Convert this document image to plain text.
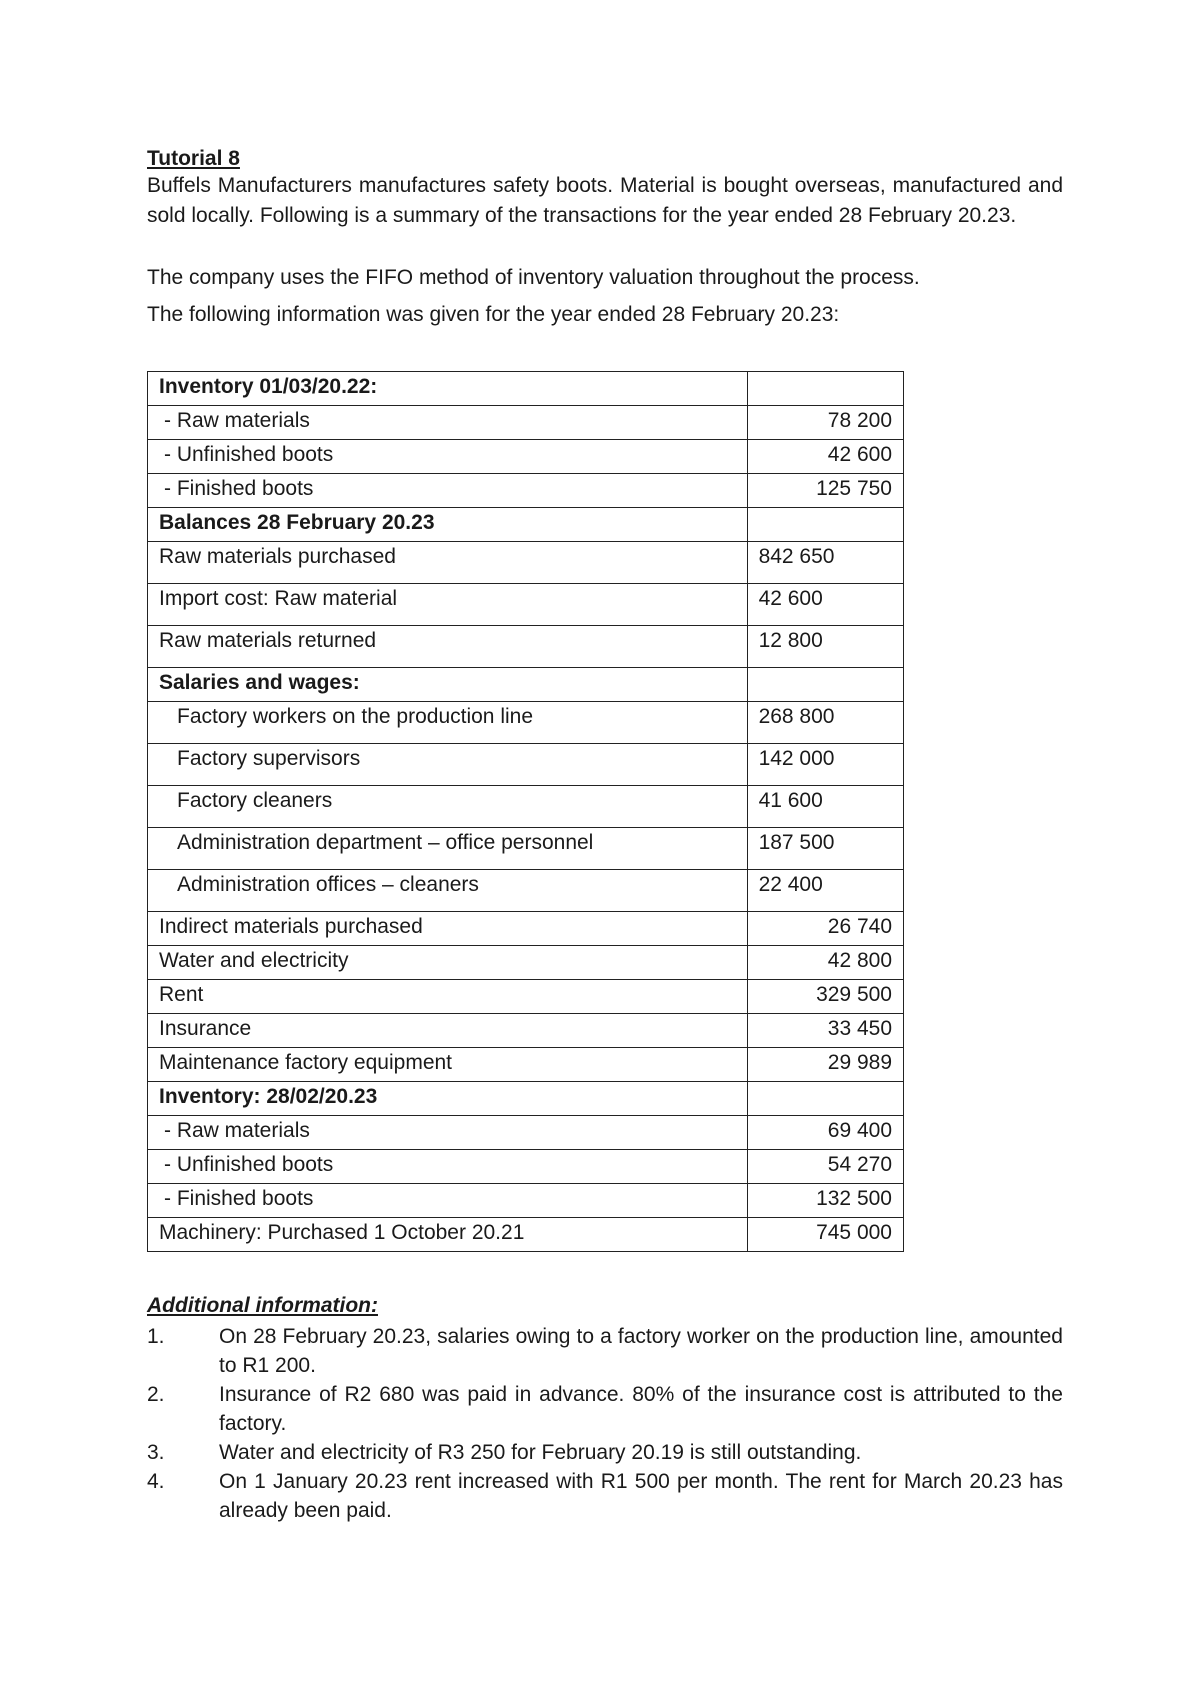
Tutorial 8
Buffels Manufacturers manufactures safety boots. Material is bought overseas, manufactured and sold locally. Following is a summary of the transactions for the year ended 28 February 20.23.
The company uses the FIFO method of inventory valuation throughout the process.
The following information was given for the year ended 28 February 20.23:
Inventory 01/03/20.22:	
- Raw materials	78 200
- Unfinished boots	42 600
- Finished boots	125 750
Balances 28 February 20.23	
Raw materials purchased	842 650
Import cost: Raw material	42 600
Raw materials returned	12 800
Salaries and wages:	
Factory workers on the production line	268 800
Factory supervisors	142 000
Factory cleaners	41 600
Administration department – office personnel	187 500
Administration offices – cleaners	22 400
Indirect materials purchased	26 740
Water and electricity	42 800
Rent	329 500
Insurance	33 450
Maintenance factory equipment	29 989
Inventory: 28/02/20.23	
- Raw materials	69 400
- Unfinished boots	54 270
- Finished boots	132 500
Machinery: Purchased 1 October 20.21	745 000
Additional information:
1.	On 28 February 20.23, salaries owing to a factory worker on the production line, amounted to R1 200.
2.	Insurance of R2 680 was paid in advance. 80% of the insurance cost is attributed to the factory.
3.	Water and electricity of R3 250 for February 20.19 is still outstanding.
4.	On 1 January 20.23 rent increased with R1 500 per month. The rent for March 20.23 has already been paid.
